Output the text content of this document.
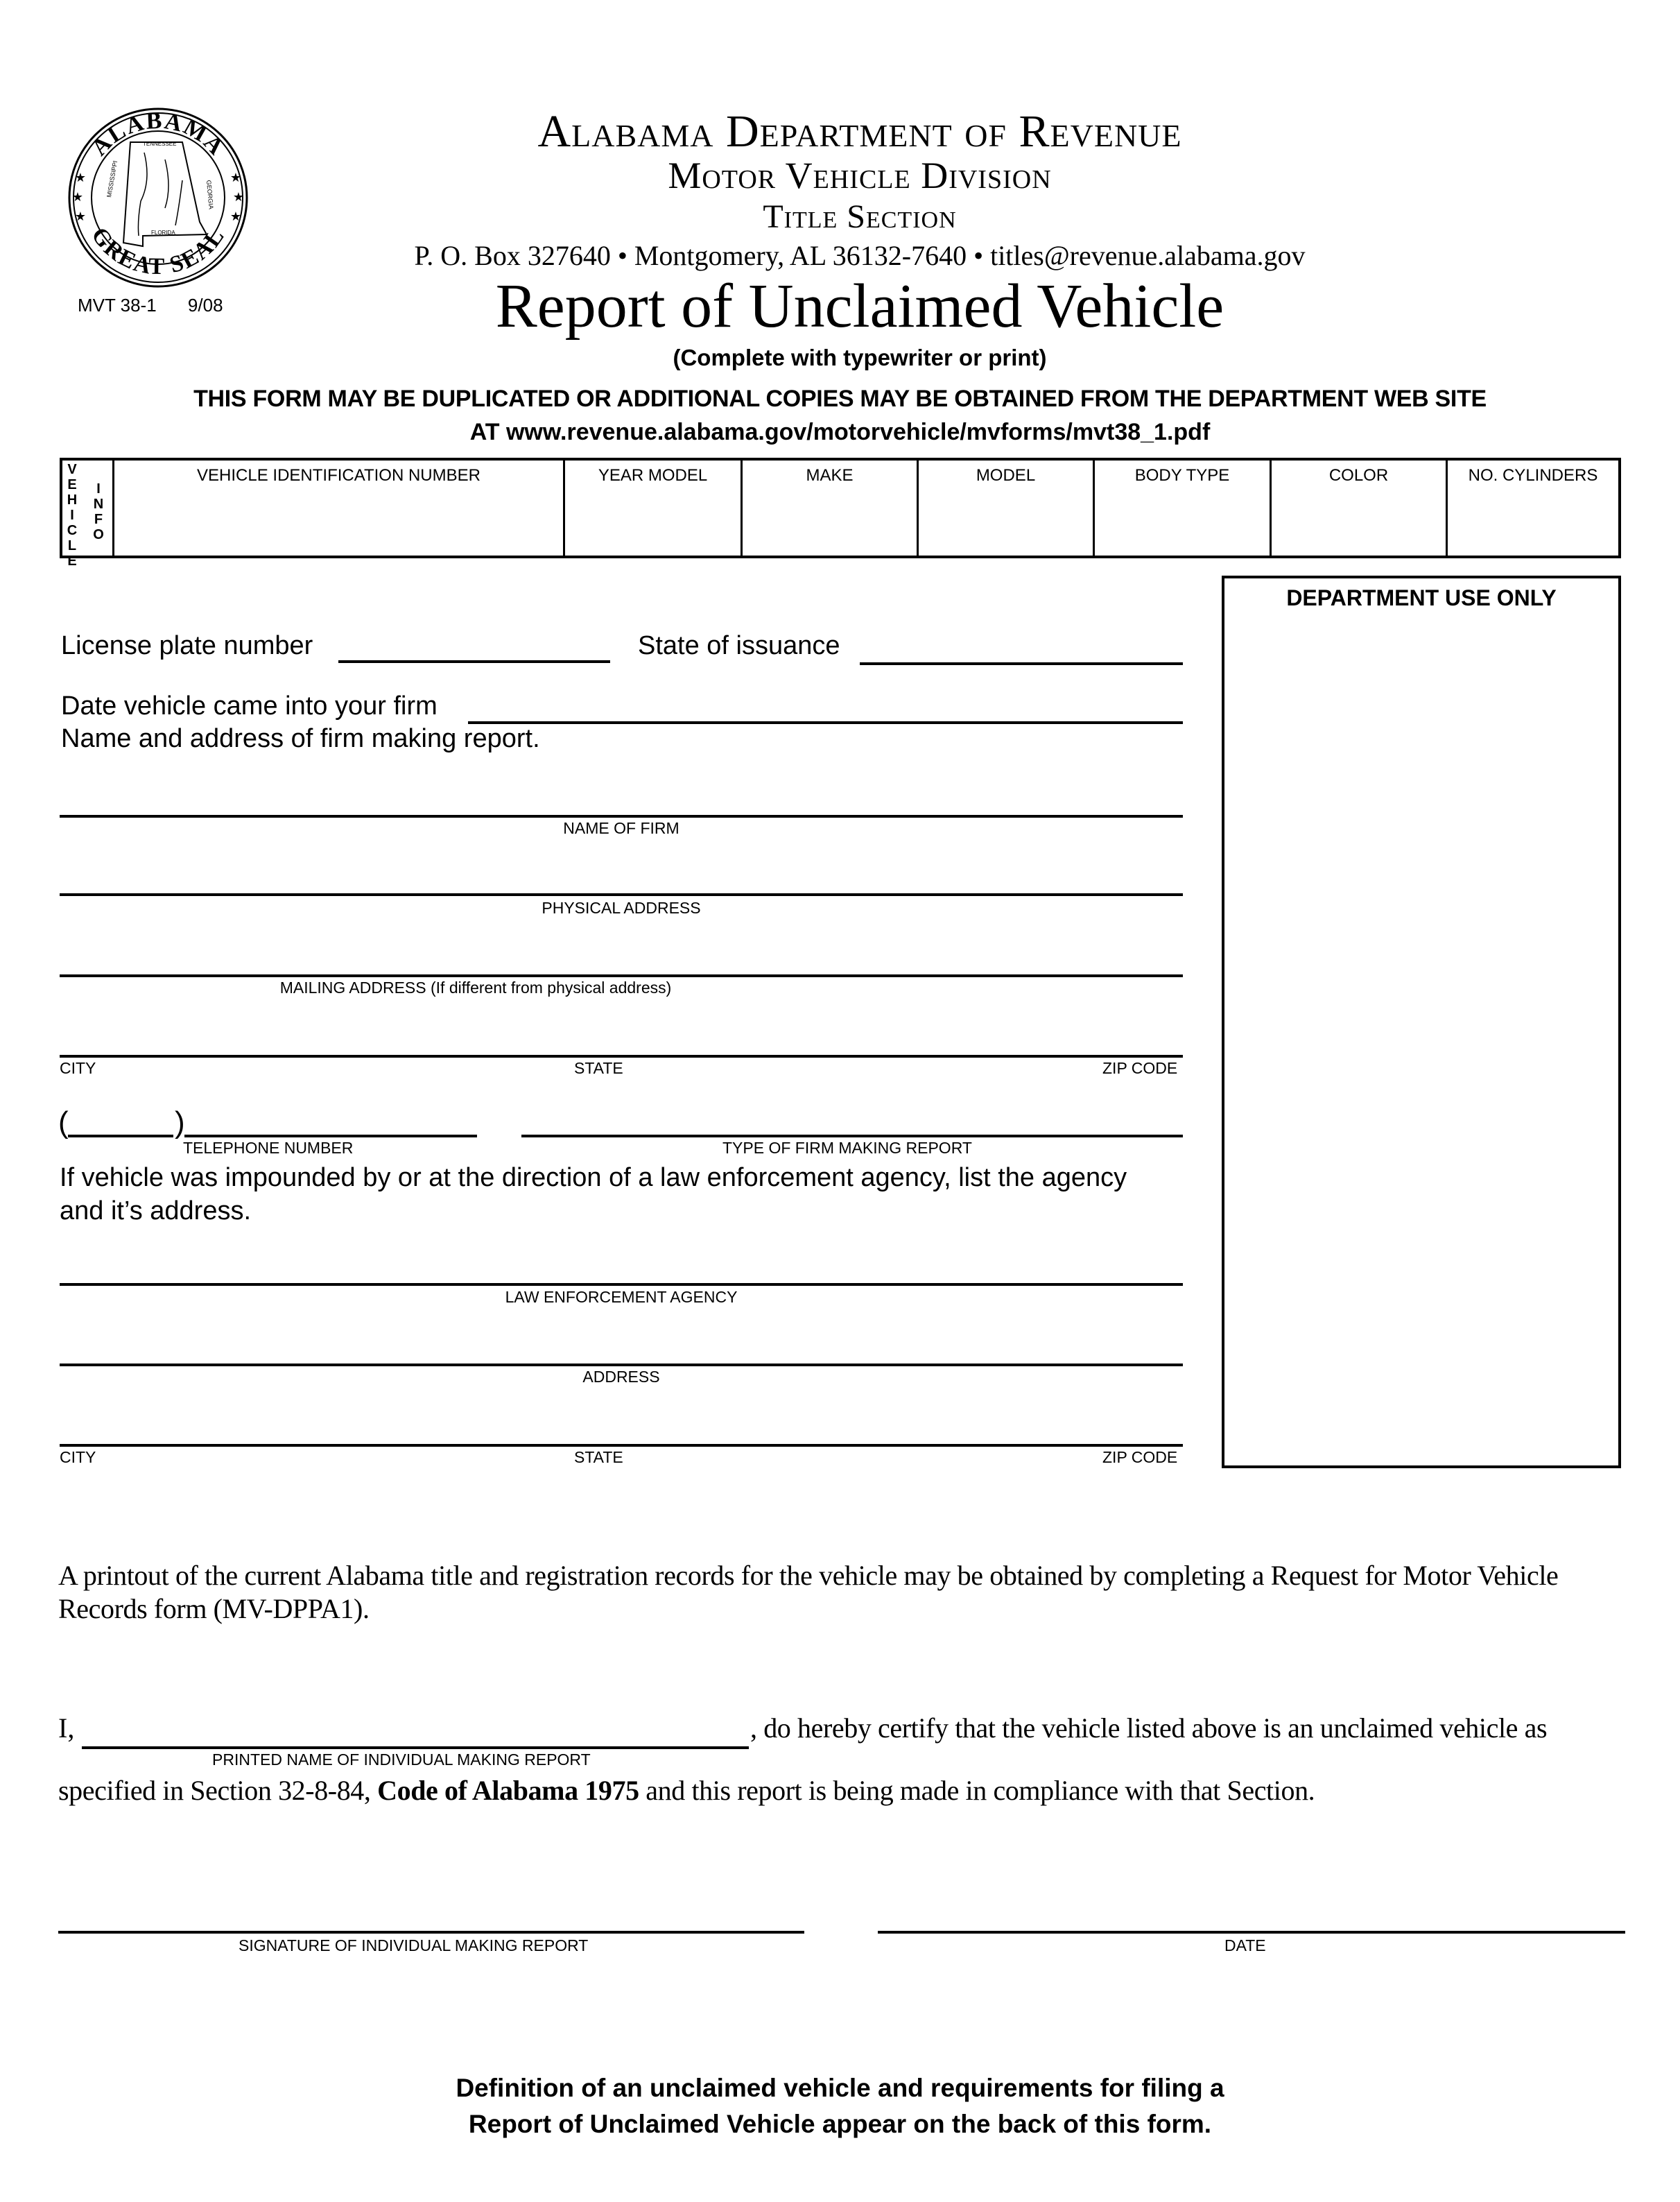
ALABAMA
GREAT SEAL
★
★
★
★
★
★
MISSISSIPPI	GEORGIA
TENNESSEE
FLORIDA
MVT 38-1 9/08
Alabama Department of Revenue
Motor Vehicle Division
Title Section
P. O. Box 327640 • Montgomery, AL 36132-7640 • titles@revenue.alabama.gov
Report of Unclaimed Vehicle
(Complete with typewriter or print)
THIS FORM MAY BE DUPLICATED OR ADDITIONAL COPIES MAY BE OBTAINED FROM THE DEPARTMENT WEB SITE
AT www.revenue.alabama.gov/motorvehicle/mvforms/mvt38_1.pdf
V
E
H
I
C
L
E
I
N
F
O
VEHICLE IDENTIFICATION NUMBER	YEAR MODEL	MAKE	MODEL	BODY TYPE	COLOR	NO. CYLINDERS
DEPARTMENT USE ONLY
License plate number	State of issuance
Date vehicle came into your firm
Name and address of firm making report.
NAME OF FIRM
PHYSICAL ADDRESS
MAILING ADDRESS (If different from physical address)
CITY	STATE	ZIP CODE
(	)
TELEPHONE NUMBER	TYPE OF FIRM MAKING REPORT
If vehicle was impounded by or at the direction of a law enforcement agency, list the agency and it’s address.
LAW ENFORCEMENT AGENCY
ADDRESS
CITY	STATE	ZIP CODE
A printout of the current Alabama title and registration records for the vehicle may be obtained by completing a Request for Motor Vehicle Records form (MV-DPPA1).
I,	, do hereby certify that the vehicle listed above is an unclaimed vehicle as
PRINTED NAME OF INDIVIDUAL MAKING REPORT
specified in Section 32-8-84, Code of Alabama 1975 and this report is being made in compliance with that Section.
SIGNATURE OF INDIVIDUAL MAKING REPORT	DATE
Definition of an unclaimed vehicle and requirements for filing a
Report of Unclaimed Vehicle appear on the back of this form.
